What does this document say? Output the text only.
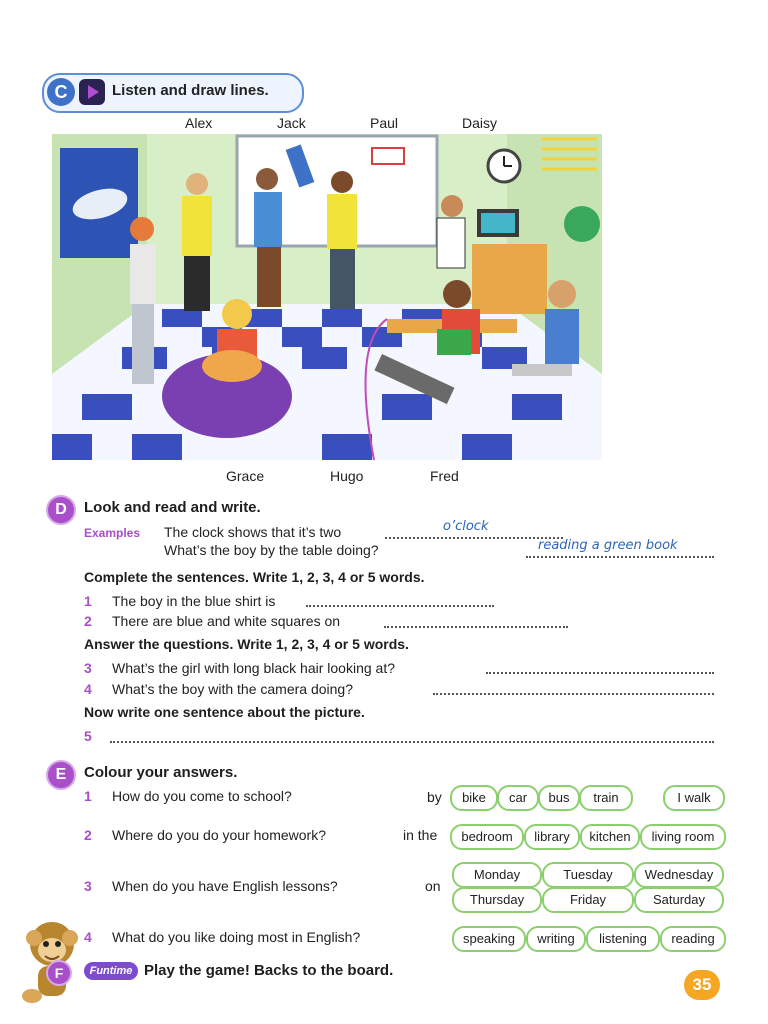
C	Listen and draw lines.
Alex	Jack	Paul	Daisy
Grace	Hugo	Fred
D	Look and read and write.
Examples The clock shows that it’s two	o’clock
What’s the boy by the table doing?	reading a green book
Complete the sentences. Write 1, 2, 3, 4 or 5 words.
1 The boy in the blue shirt is
2 There are blue and white squares on
Answer the questions. Write 1, 2, 3, 4 or 5 words.
3 What’s the girl with long black hair looking at?
4 What’s the boy with the camera doing?
Now write one sentence about the picture.
5
E	Colour your answers.
1 How do you come to school?	by	bike	car	bus	train	I walk
2 Where do you do your homework?	in the	bedroom	library	kitchen	living room
3 When do you have English lessons?	on
Monday	Tuesday	Wednesday
Thursday	Friday	Saturday
4 What do you like doing most in English?	speaking	writing	listening	reading
F	Funtime Play the game! Backs to the board.
35
